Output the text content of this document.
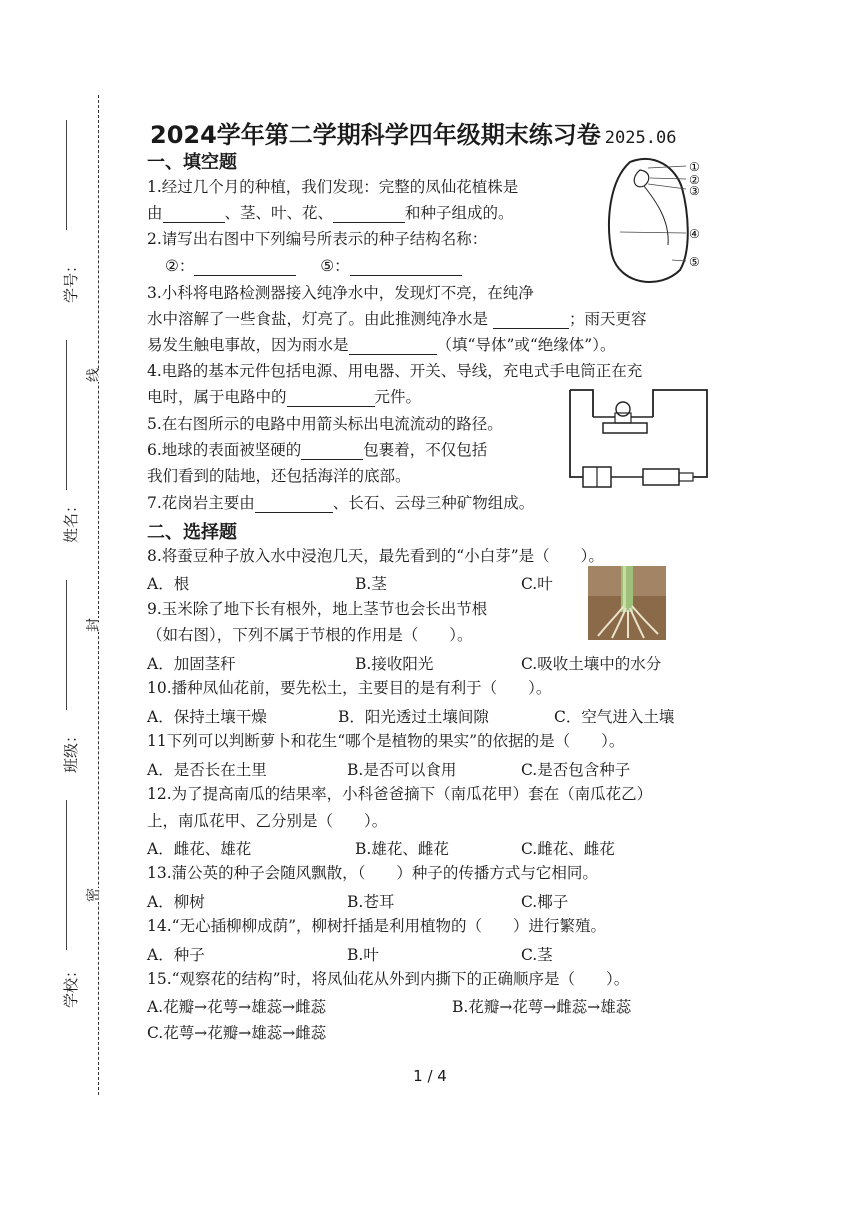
学号：
姓名：
班级：
学校：
线
封
密
2024学年第二学期科学四年级期末练习卷 2025.06
一、填空题
1.经过几个月的种植，我们发现：完整的凤仙花植株是
由	、茎、叶、花、	和种子组成的。
2.请写出右图中下列编号所表示的种子结构名称：
②：	⑤：
3.小科将电路检测器接入纯净水中，发现灯不亮，在纯净
水中溶解了一些食盐，灯亮了。由此推测纯净水是	；雨天更容
易发生触电事故，因为雨水是	（填“导体”或“绝缘体”）。
4.电路的基本元件包括电源、用电器、开关、导线，充电式手电筒正在充
电时，属于电路中的	元件。
5.在右图所示的电路中用箭头标出电流流动的路径。
6.地球的表面被坚硬的	包裹着，不仅包括
我们看到的陆地，还包括海洋的底部。
7.花岗岩主要由	、长石、云母三种矿物组成。
①
②
③
④
⑤
二、选择题
8.将蚕豆种子放入水中浸泡几天，最先看到的“小白芽”是（　　）。
A．根	B.茎	C.叶
9.玉米除了地下长有根外，地上茎节也会长出节根
（如右图），下列不属于节根的作用是（　　）。
A．加固茎秆	B.接收阳光	C.吸收土壤中的水分
10.播种凤仙花前，要先松土，主要目的是有利于（　　）。
A．保持土壤干燥	B．阳光透过土壤间隙	C．空气进入土壤
11下列可以判断萝卜和花生“哪个是植物的果实”的依据的是（　　）。
A．是否长在土里	B.是否可以食用	C.是否包含种子
12.为了提高南瓜的结果率，小科爸爸摘下（南瓜花甲）套在（南瓜花乙）
上，南瓜花甲、乙分别是（　　）。
A．雌花、雄花	B.雄花、雌花	C.雌花、雌花
13.蒲公英的种子会随风飘散，（　　）种子的传播方式与它相同。
A．柳树	B.苍耳	C.椰子
14.“无心插柳柳成荫”，柳树扦插是利用植物的（　　）进行繁殖。
A．种子	B.叶	C.茎
15.“观察花的结构”时，将凤仙花从外到内撕下的正确顺序是（　　）。
A.花瓣→花萼→雄蕊→雌蕊	B.花瓣→花萼→雌蕊→雄蕊
C.花萼→花瓣→雄蕊→雌蕊
1 / 4
